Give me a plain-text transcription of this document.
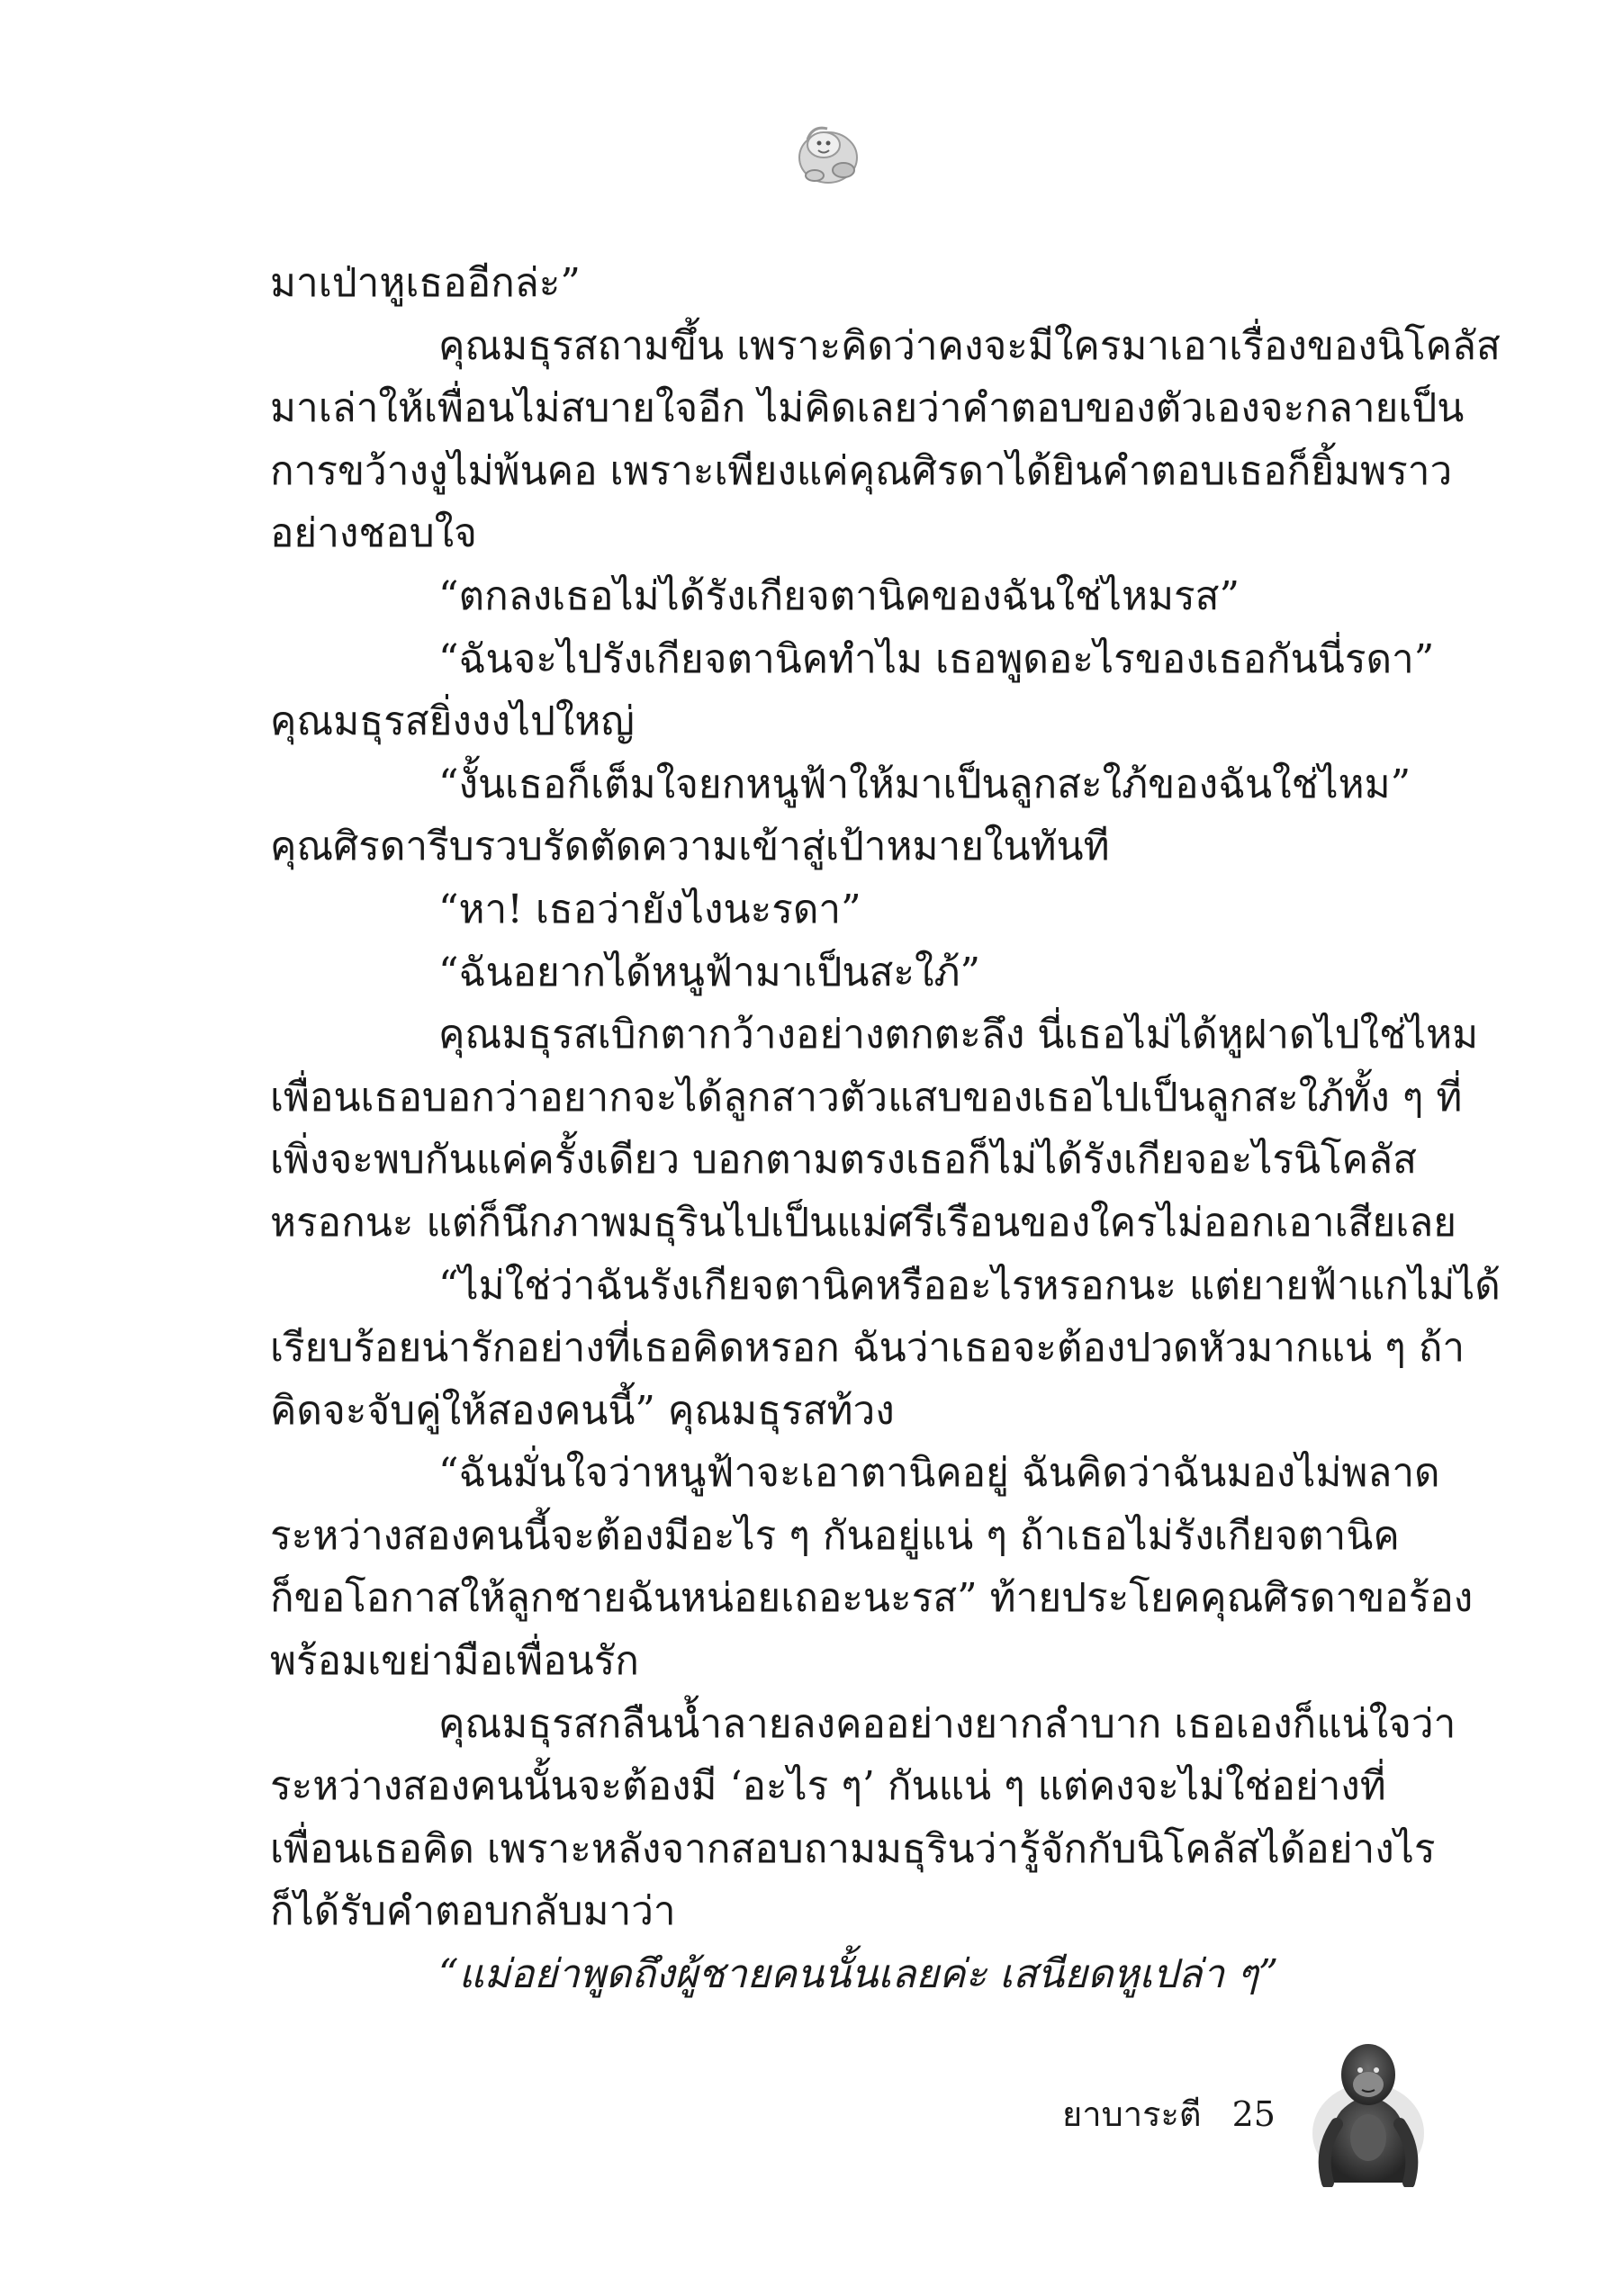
มาเป่าหูเธออีกล่ะ”
คุณมธุรสถามขึ้น เพราะคิดว่าคงจะมีใครมาเอาเรื่องของนิโคลัส
มาเล่าให้เพื่อนไม่สบายใจอีก ไม่คิดเลยว่าคำตอบของตัวเองจะกลายเป็น
การขว้างงูไม่พ้นคอ เพราะเพียงแค่คุณศิรดาได้ยินคำตอบเธอก็ยิ้มพราว
อย่างชอบใจ
“ตกลงเธอไม่ได้รังเกียจตานิคของฉันใช่ไหมรส”
“ฉันจะไปรังเกียจตานิคทำไม เธอพูดอะไรของเธอกันนี่รดา”
คุณมธุรสยิ่งงงไปใหญ่
“งั้นเธอก็เต็มใจยกหนูฟ้าให้มาเป็นลูกสะใภ้ของฉันใช่ไหม”
คุณศิรดารีบรวบรัดตัดความเข้าสู่เป้าหมายในทันที
“หา! เธอว่ายังไงนะรดา”
“ฉันอยากได้หนูฟ้ามาเป็นสะใภ้”
คุณมธุรสเบิกตากว้างอย่างตกตะลึง นี่เธอไม่ได้หูฝาดไปใช่ไหม
เพื่อนเธอบอกว่าอยากจะได้ลูกสาวตัวแสบของเธอไปเป็นลูกสะใภ้ทั้ง ๆ ที่
เพิ่งจะพบกันแค่ครั้งเดียว บอกตามตรงเธอก็ไม่ได้รังเกียจอะไรนิโคลัส
หรอกนะ แต่ก็นึกภาพมธุรินไปเป็นแม่ศรีเรือนของใครไม่ออกเอาเสียเลย
“ไม่ใช่ว่าฉันรังเกียจตานิคหรืออะไรหรอกนะ แต่ยายฟ้าแกไม่ได้
เรียบร้อยน่ารักอย่างที่เธอคิดหรอก ฉันว่าเธอจะต้องปวดหัวมากแน่ ๆ ถ้า
คิดจะจับคู่ให้สองคนนี้” คุณมธุรสท้วง
“ฉันมั่นใจว่าหนูฟ้าจะเอาตานิคอยู่ ฉันคิดว่าฉันมองไม่พลาด
ระหว่างสองคนนี้จะต้องมีอะไร ๆ กันอยู่แน่ ๆ ถ้าเธอไม่รังเกียจตานิค
ก็ขอโอกาสให้ลูกชายฉันหน่อยเถอะนะรส” ท้ายประโยคคุณศิรดาขอร้อง
พร้อมเขย่ามือเพื่อนรัก
คุณมธุรสกลืนน้ำลายลงคออย่างยากลำบาก เธอเองก็แน่ใจว่า
ระหว่างสองคนนั้นจะต้องมี ‘อะไร ๆ’ กันแน่ ๆ แต่คงจะไม่ใช่อย่างที่
เพื่อนเธอคิด เพราะหลังจากสอบถามมธุรินว่ารู้จักกับนิโคลัสได้อย่างไร
ก็ได้รับคำตอบกลับมาว่า
“แม่อย่าพูดถึงผู้ชายคนนั้นเลยค่ะ เสนียดหูเปล่า ๆ”
ยาบาระตี 25
